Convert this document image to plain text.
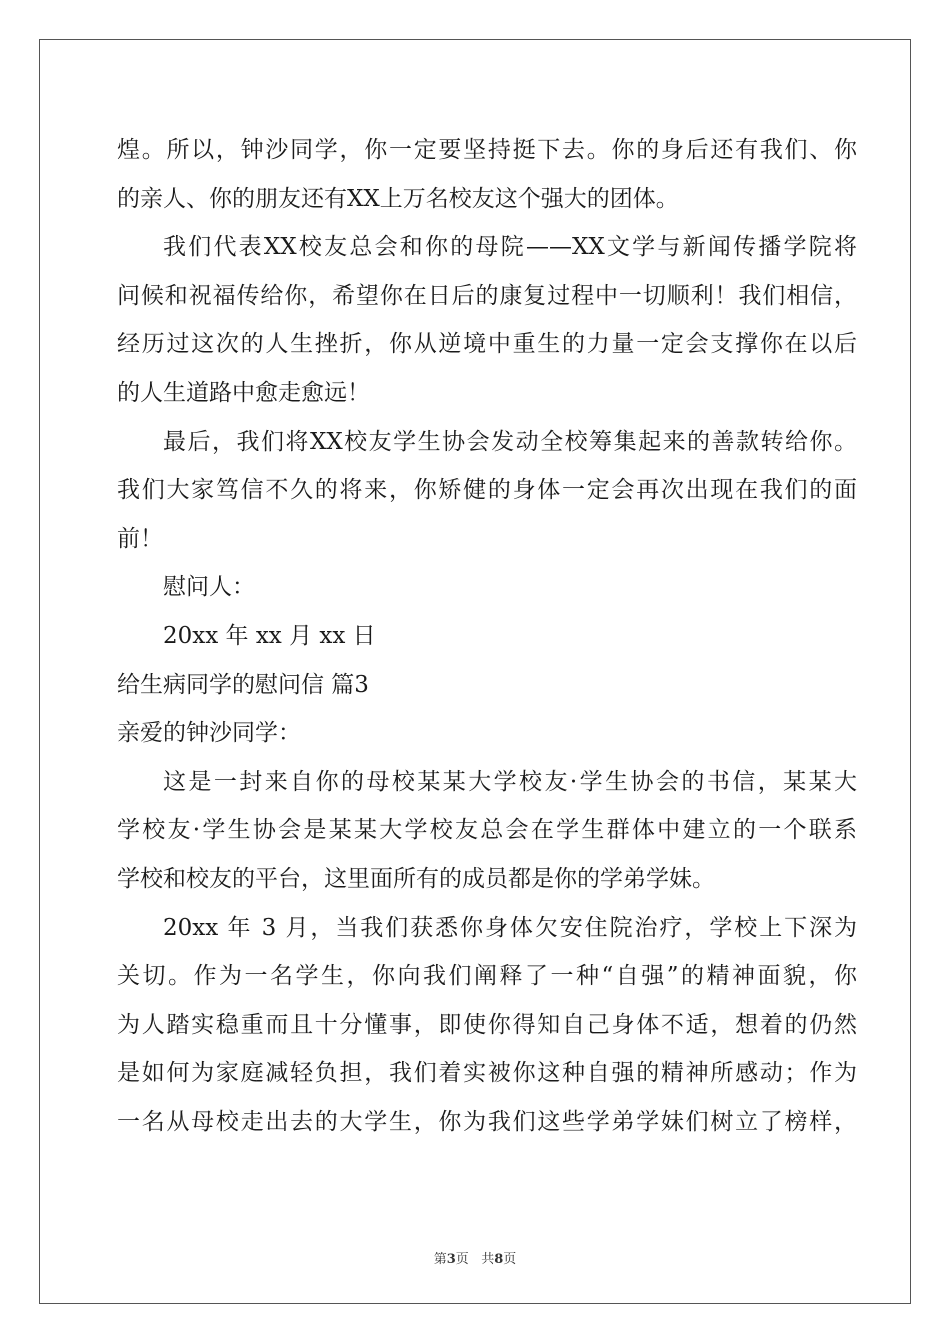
煌。所以，钟沙同学，你一定要坚持挺下去。你的身后还有我们、你
的亲人、你的朋友还有XX上万名校友这个强大的团体。
我们代表XX校友总会和你的母院——XX文学与新闻传播学院将
问候和祝福传给你，希望你在日后的康复过程中一切顺利！我们相信，
经历过这次的人生挫折，你从逆境中重生的力量一定会支撑你在以后
的人生道路中愈走愈远！
最后，我们将XX校友学生协会发动全校筹集起来的善款转给你。
我们大家笃信不久的将来，你矫健的身体一定会再次出现在我们的面
前！
慰问人：
20xx 年 xx 月 xx 日
给生病同学的慰问信 篇3
亲爱的钟沙同学：
这是一封来自你的母校某某大学校友·学生协会的书信，某某大
学校友·学生协会是某某大学校友总会在学生群体中建立的一个联系
学校和校友的平台，这里面所有的成员都是你的学弟学妹。
20xx 年 3 月，当我们获悉你身体欠安住院治疗，学校上下深为
关切。作为一名学生，你向我们阐释了一种“自强”的精神面貌，你
为人踏实稳重而且十分懂事，即使你得知自己身体不适，想着的仍然
是如何为家庭减轻负担，我们着实被你这种自强的精神所感动；作为
一名从母校走出去的大学生，你为我们这些学弟学妹们树立了榜样，
第3页 共8页
